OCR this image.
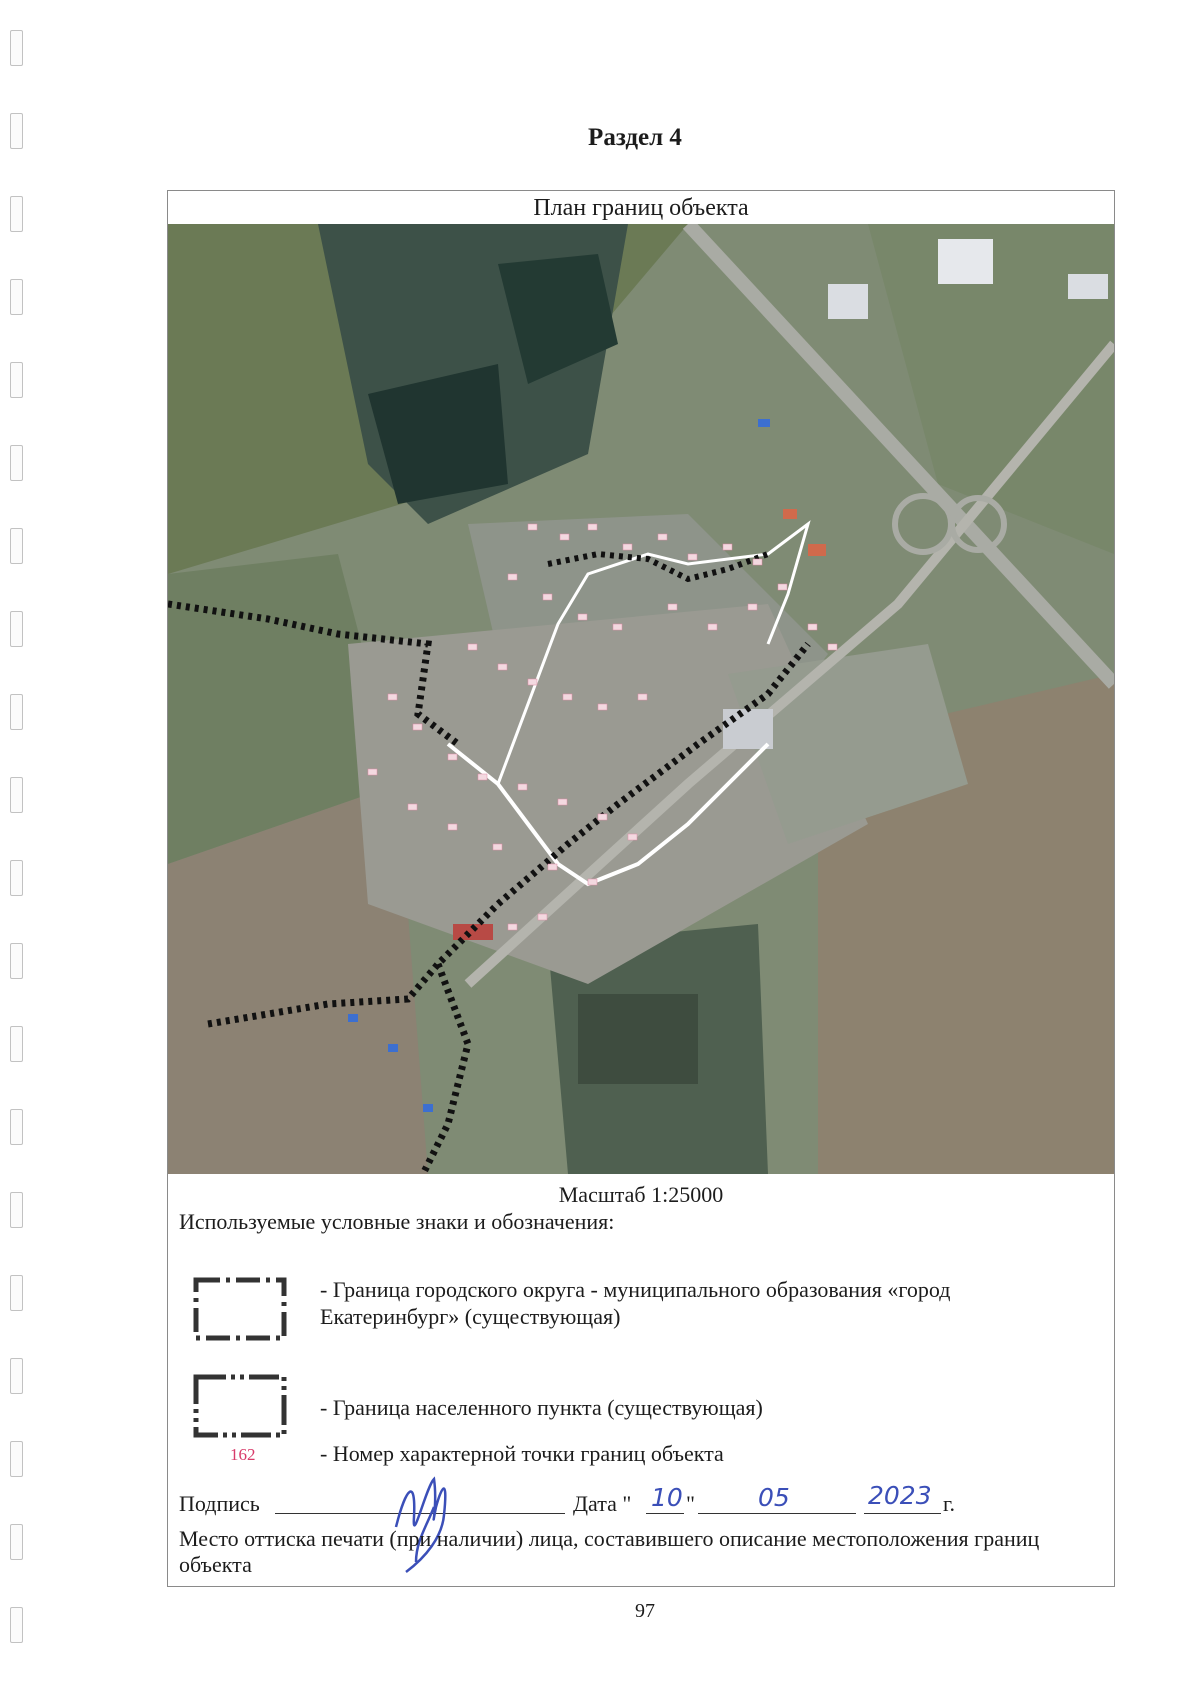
Раздел 4
План границ объекта
Масштаб 1:25000
Используемые условные знаки и обозначения:
- Граница городского округа - муниципального образования «город
Екатеринбург» (существующая)
- Граница населенного пункта (существующая)
162	- Номер характерной точки границ объекта
Подпись	Дата " 10 "	05	2023 г.
Место оттиска печати (при наличии) лица, составившего описание местоположения границ объекта
97
